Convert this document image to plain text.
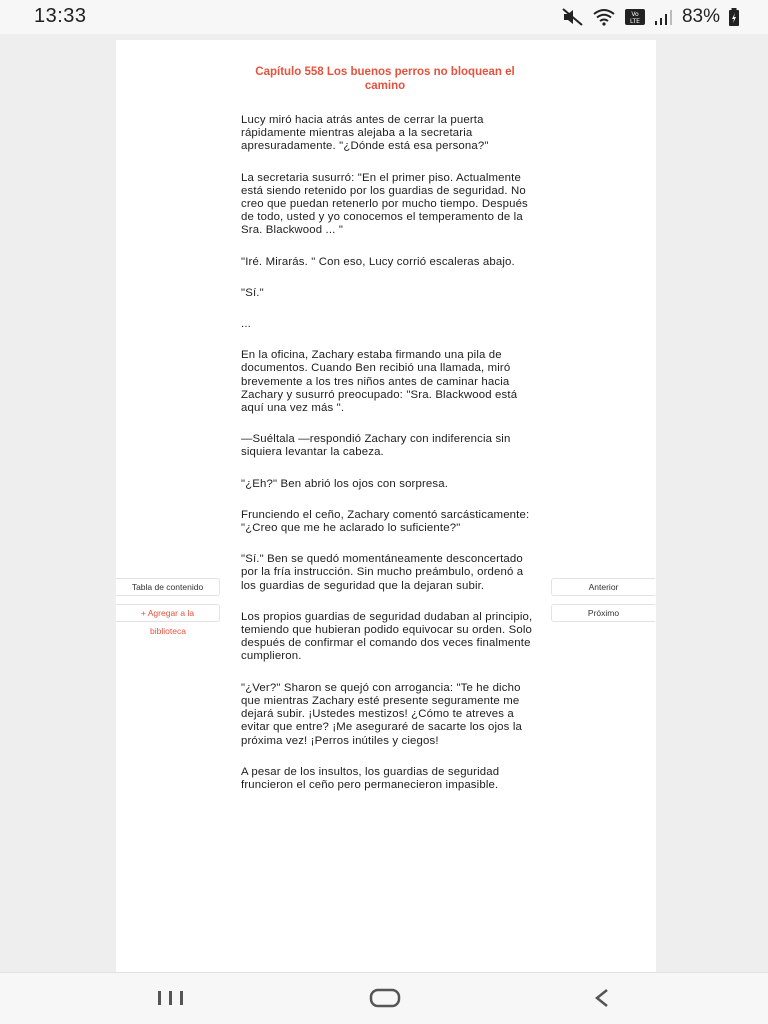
13:33	Vo
LTE 83%
Capítulo 558 Los buenos perros no bloquean el camino

Lucy miró hacia atrás antes de cerrar la puerta rápidamente mientras alejaba a la secretaria apresuradamente. "¿Dónde está esa persona?"

La secretaria susurró: "En el primer piso. Actualmente está siendo retenido por los guardias de seguridad. No creo que puedan retenerlo por mucho tiempo. Después de todo, usted y yo conocemos el temperamento de la Sra. Blackwood ... "

"Iré. Mirarás. " Con eso, Lucy corrió escaleras abajo.

"Sí."

...

En la oficina, Zachary estaba firmando una pila de documentos. Cuando Ben recibió una llamada, miró brevemente a los tres niños antes de caminar hacia Zachary y susurró preocupado: "Sra. Blackwood está aquí una vez más ".

—Suéltala —respondió Zachary con indiferencia sin siquiera levantar la cabeza.

"¿Eh?" Ben abrió los ojos con sorpresa.

Frunciendo el ceño, Zachary comentó sarcásticamente: "¿Creo que me he aclarado lo suficiente?"

"Sí." Ben se quedó momentáneamente desconcertado por la fría instrucción. Sin mucho preámbulo, ordenó a los guardias de seguridad que la dejaran subir.

Los propios guardias de seguridad dudaban al principio, temiendo que hubieran podido equivocar su orden. Solo después de confirmar el comando dos veces finalmente cumplieron.

"¿Ver?" Sharon se quejó con arrogancia: "Te he dicho que mientras Zachary esté presente seguramente me dejará subir. ¡Ustedes mestizos! ¿Cómo te atreves a evitar que entre? ¡Me aseguraré de sacarte los ojos la próxima vez! ¡Perros inútiles y ciegos!

A pesar de los insultos, los guardias de seguridad fruncieron el ceño pero permanecieron impasible.

Tabla de contenido
+ Agregar a la
biblioteca
Anterior
Próximo
